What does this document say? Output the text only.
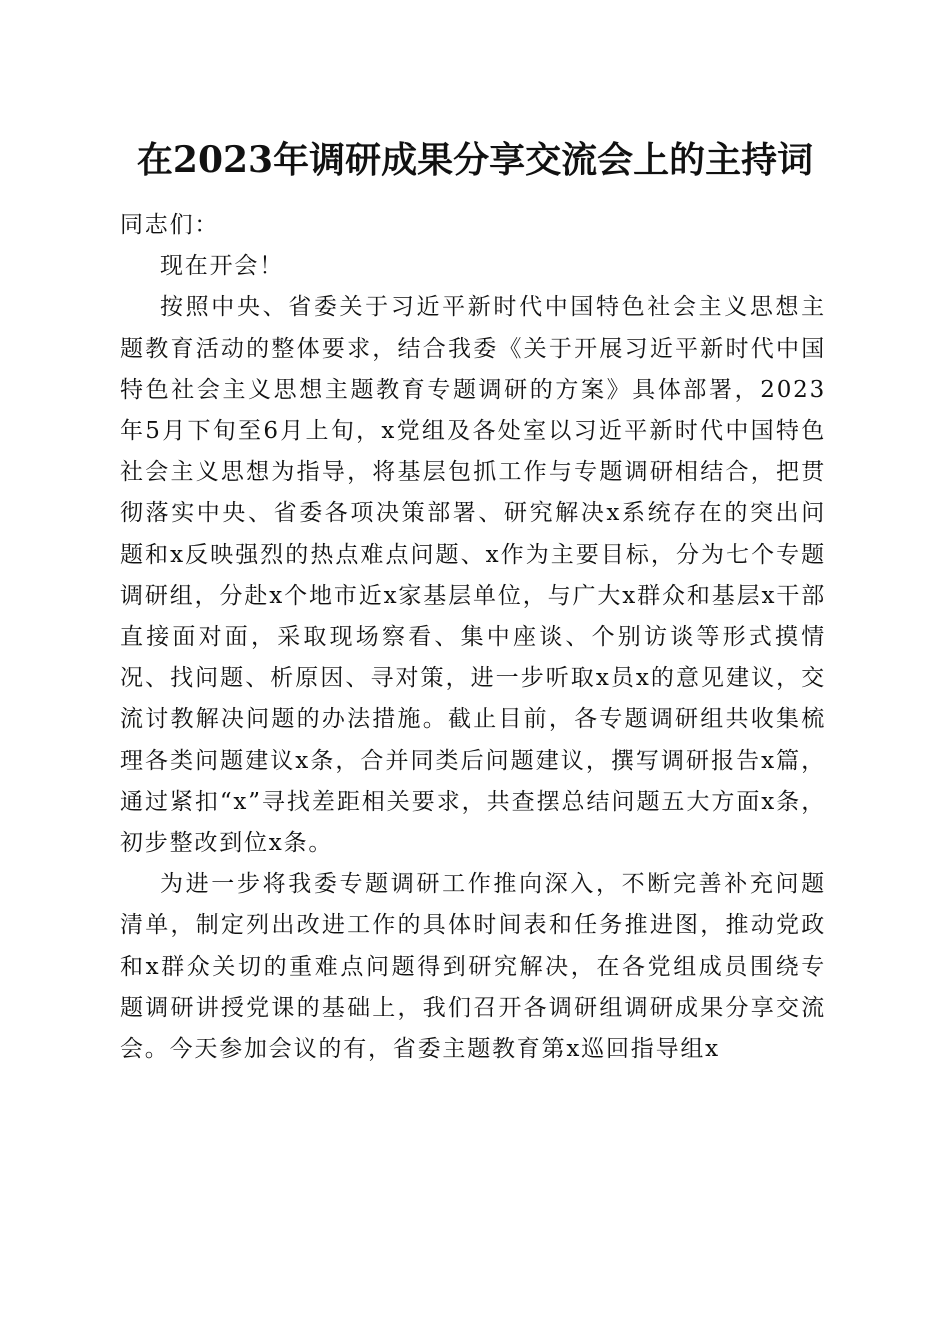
在2023年调研成果分享交流会上的主持词

同志们：

现在开会！

按照中央、省委关于习近平新时代中国特色社会主义思想主题教育活动的整体要求，结合我委《关于开展习近平新时代中国特色社会主义思想主题教育专题调研的方案》具体部署，2023年5月下旬至6月上旬，x党组及各处室以习近平新时代中国特色社会主义思想为指导，将基层包抓工作与专题调研相结合，把贯彻落实中央、省委各项决策部署、研究解决x系统存在的突出问题和x反映强烈的热点难点问题、x作为主要目标，分为七个专题调研组，分赴x个地市近x家基层单位，与广大x群众和基层x干部直接面对面，采取现场察看、集中座谈、个别访谈等形式摸情况、找问题、析原因、寻对策，进一步听取x员x的意见建议，交流讨教解决问题的办法措施。截止目前，各专题调研组共收集梳理各类问题建议x条，合并同类后问题建议，撰写调研报告x篇，通过紧扣“x”寻找差距相关要求，共查摆总结问题五大方面x条，初步整改到位x条。

为进一步将我委专题调研工作推向深入，不断完善补充问题清单，制定列出改进工作的具体时间表和任务推进图，推动党政和x群众关切的重难点问题得到研究解决，在各党组成员围绕专题调研讲授党课的基础上，我们召开各调研组调研成果分享交流会。今天参加会议的有，省委主题教育第x巡回指导组x
